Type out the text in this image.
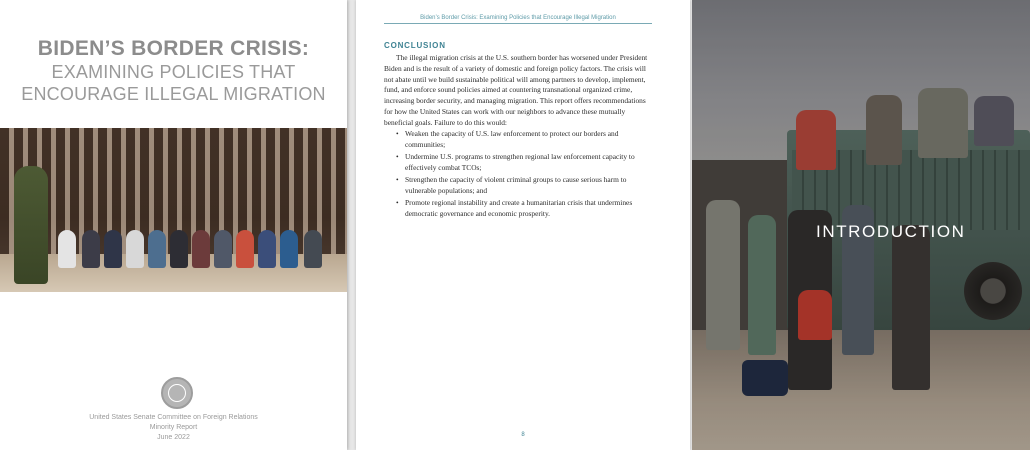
BIDEN’S BORDER CRISIS:
EXAMINING POLICIES THAT
ENCOURAGE ILLEGAL MIGRATION
United States Senate Committee on Foreign Relations
Minority Report
June 2022
Biden’s Border Crisis: Examining Policies that Encourage Illegal Migration
CONCLUSION

The illegal migration crisis at the U.S. southern border has worsened under President Biden and is the result of a variety of domestic and foreign policy factors. The crisis will not abate until we build sustainable political will among partners to develop, implement, fund, and enforce sound policies aimed at countering transnational organized crime, increasing border security, and managing migration. This report offers recommendations for how the United States can work with our neighbors to advance these mutually beneficial goals. Failure to do this would:

• Weaken the capacity of U.S. law enforcement to protect our borders and communities;
• Undermine U.S. programs to strengthen regional law enforcement capacity to effectively combat TCOs;
• Strengthen the capacity of violent criminal groups to cause serious harm to vulnerable populations; and
• Promote regional instability and create a humanitarian crisis that undermines democratic governance and economic prosperity.
8
INTRODUCTION
